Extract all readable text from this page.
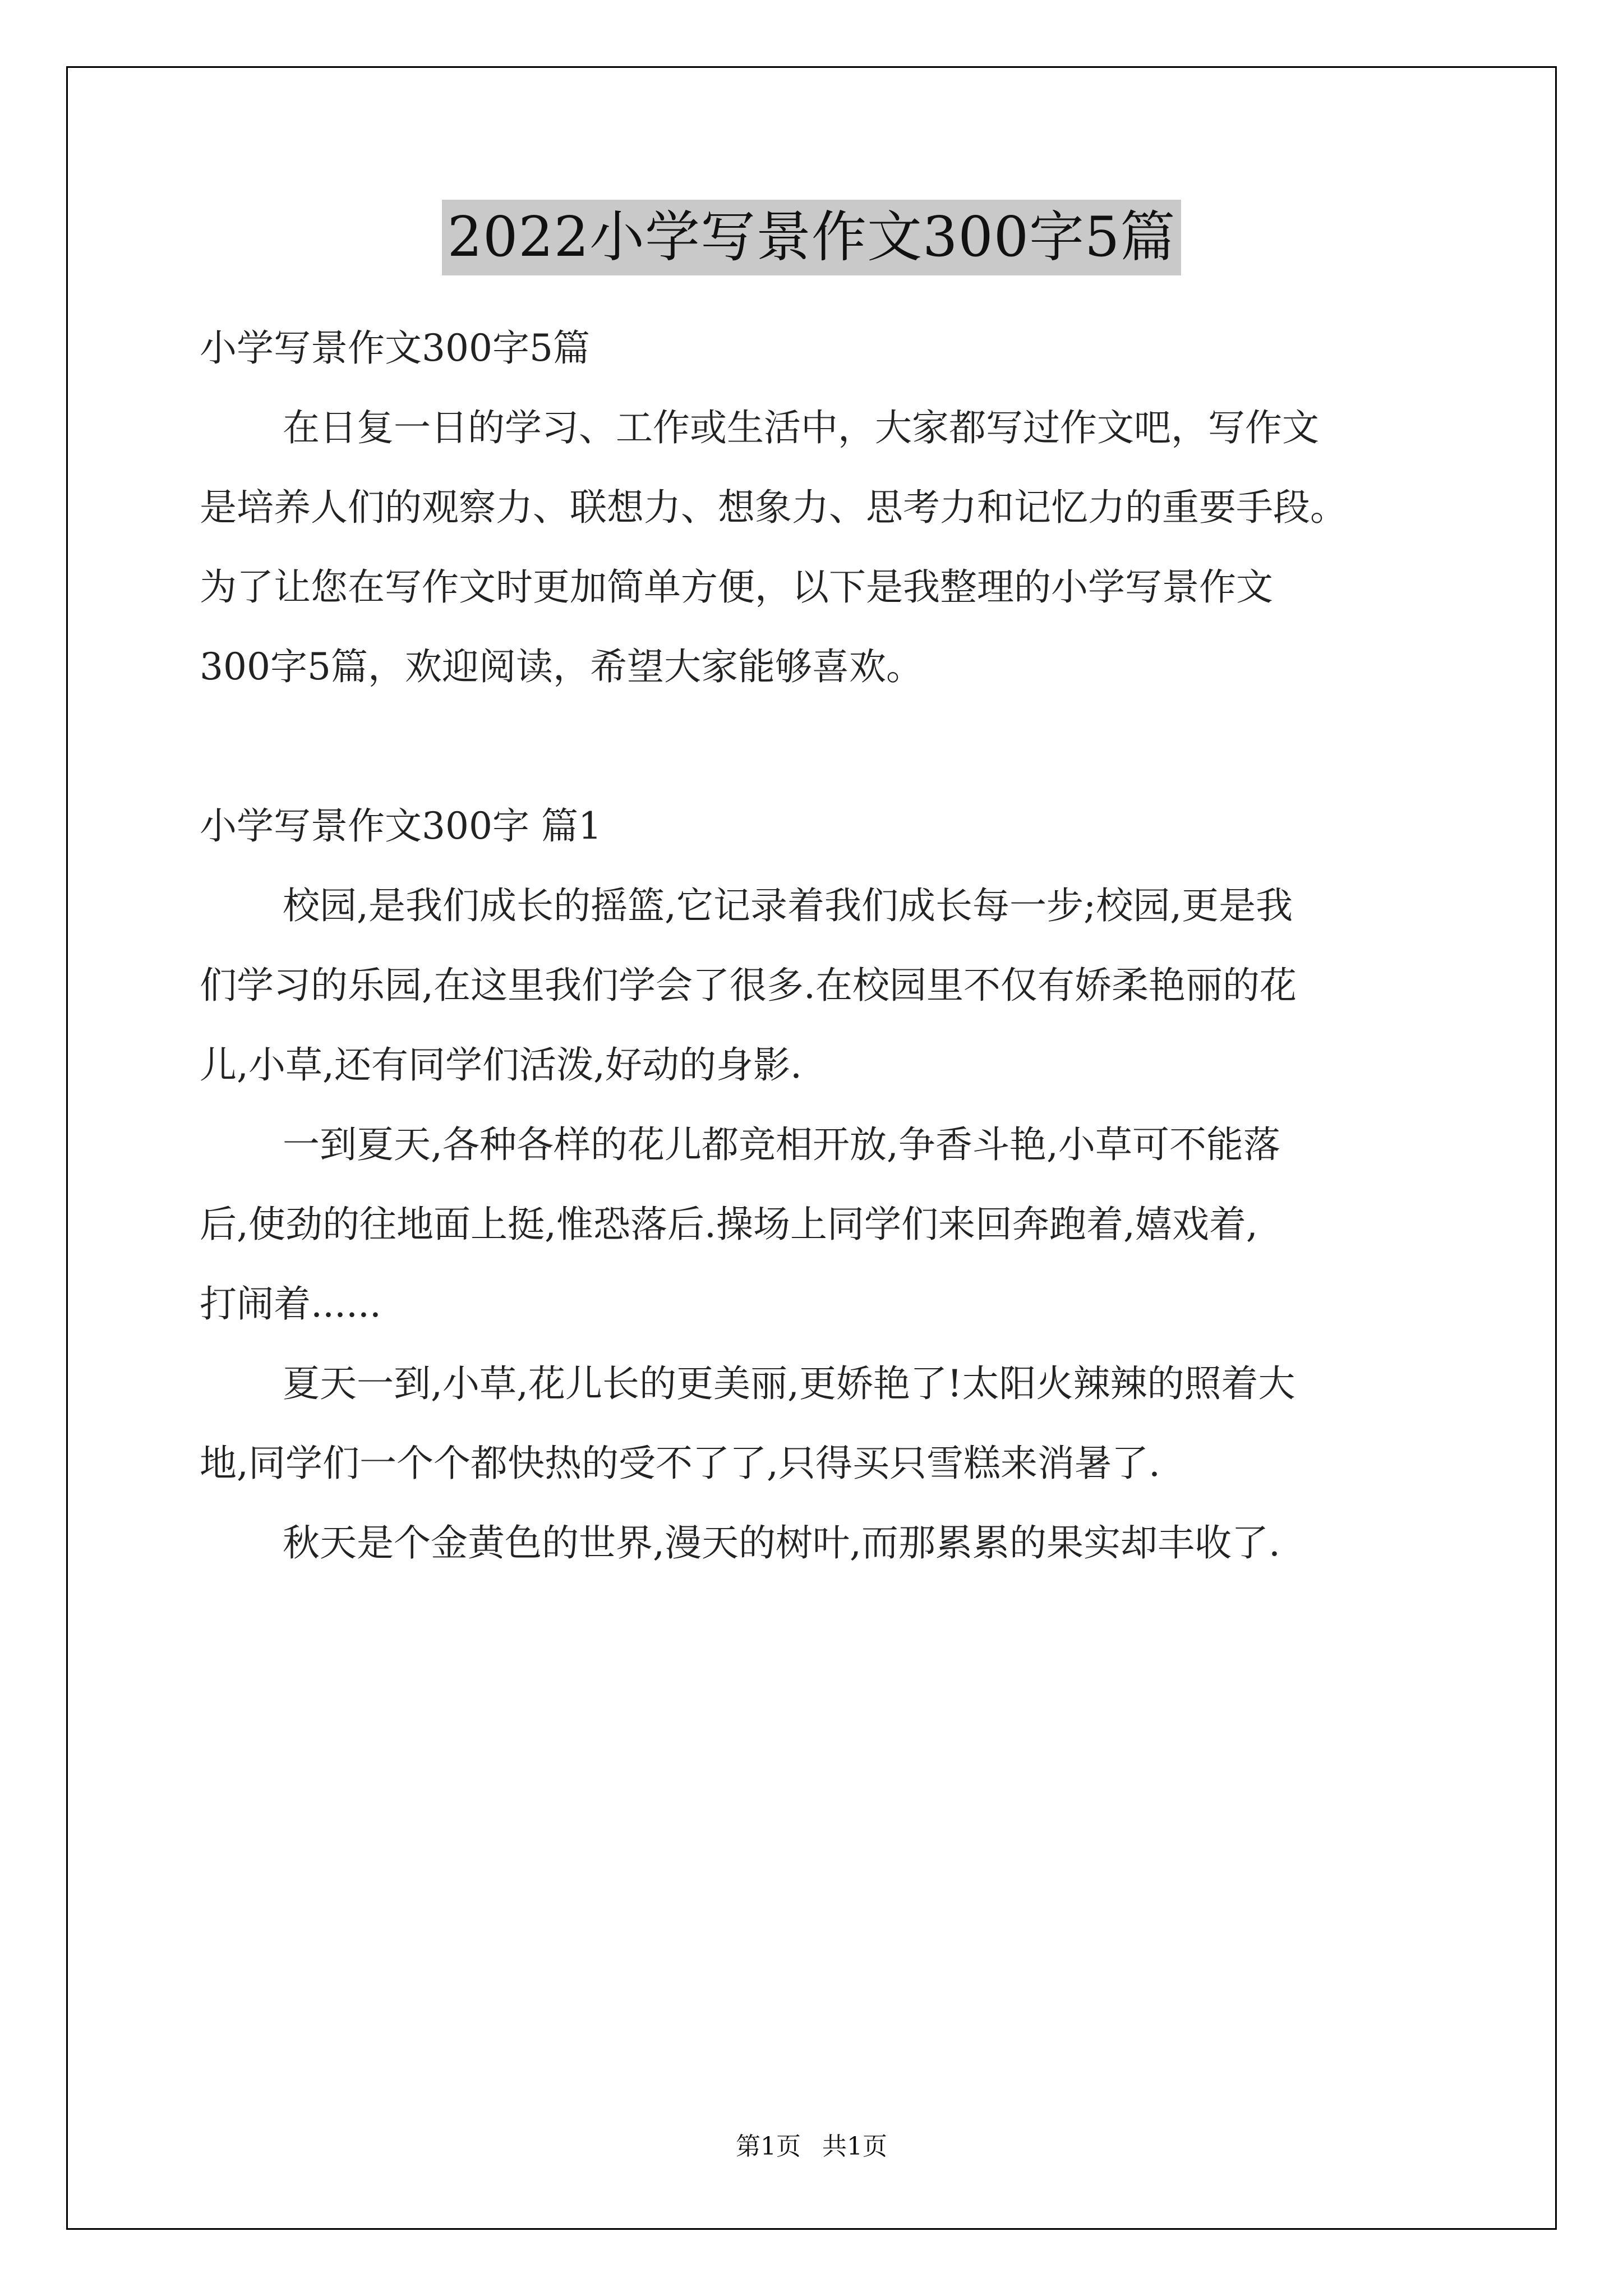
2022小学写景作文300字5篇
小学写景作文300字5篇
在日复一日的学习、工作或生活中，大家都写过作文吧，写作文
是培养人们的观察力、联想力、想象力、思考力和记忆力的重要手段。
为了让您在写作文时更加简单方便，以下是我整理的小学写景作文
300字5篇，欢迎阅读，希望大家能够喜欢。
小学写景作文300字 篇1
校园,是我们成长的摇篮,它记录着我们成长每一步;校园,更是我
们学习的乐园,在这里我们学会了很多.在校园里不仅有娇柔艳丽的花
儿,小草,还有同学们活泼,好动的身影.
一到夏天,各种各样的花儿都竞相开放,争香斗艳,小草可不能落
后,使劲的往地面上挺,惟恐落后.操场上同学们来回奔跑着,嬉戏着,
打闹着......
夏天一到,小草,花儿长的更美丽,更娇艳了!太阳火辣辣的照着大
地,同学们一个个都快热的受不了了,只得买只雪糕来消暑了.
秋天是个金黄色的世界,漫天的树叶,而那累累的果实却丰收了.
第1页 共1页
